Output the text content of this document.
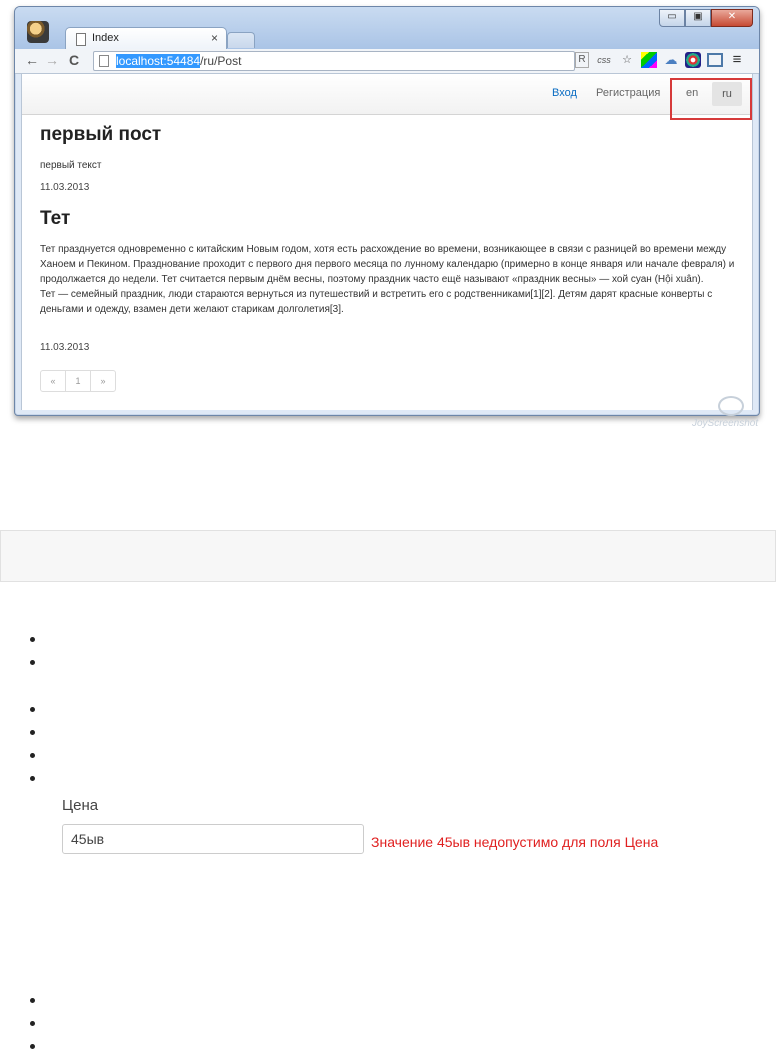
Index	×
▭	▣	✕
← → C	localhost:54484/ru/Post	R	css ☆	☁	≡
Вход Регистрация en	ru
первый пост

первый текст

11.03.2013

Тет

Тет празднуется одновременно с китайским Новым годом, хотя есть расхождение во времени, возникающее в связи с разницей во времени между Ханоем и Пекином. Празднование проходит с первого дня первого месяца по лунному календарю (примерно в конце января или начале февраля) и продолжается до недели. Тет считается первым днём весны, поэтому праздник часто ещё называют «праздник весны» — хой суан (Hội xuân).

Тет — семейный праздник, люди стараются вернуться из путешествий и встретить его с родственниками[1][2]. Детям дарят красные конверты с деньгами и одежду, взамен дети желают старикам долголетия[3].

11.03.2013

«	1	»
JoyScreenshot
Цена
45ыв
Значение 45ыв недопустимо для поля Цена
